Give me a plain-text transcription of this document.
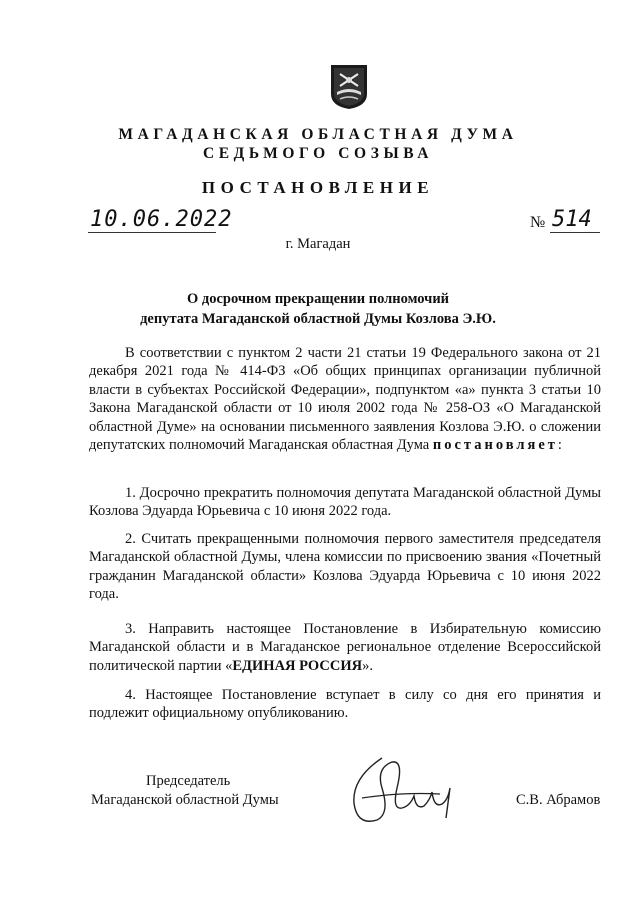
МАГАДАНСКАЯ ОБЛАСТНАЯ ДУМА
СЕДЬМОГО СОЗЫВА
ПОСТАНОВЛЕНИЕ
10.06.2022	№ 514
г. Магадан
О досрочном прекращении полномочий
депутата Магаданской областной Думы Козлова Э.Ю.

В соответствии с пунктом 2 части 21 статьи 19 Федерального закона от 21 декабря 2021 года № 414-ФЗ «Об общих принципах организации публичной власти в субъектах Российской Федерации», подпунктом «а» пункта 3 статьи 10 Закона Магаданской области от 10 июля 2002 года № 258-ОЗ «О Магаданской областной Думе» на основании письменного заявления Козлова Э.Ю. о сложении депутатских полномочий Магаданская областная Дума постановляет:

1. Досрочно прекратить полномочия депутата Магаданской областной Думы Козлова Эдуарда Юрьевича с 10 июня 2022 года.

2. Считать прекращенными полномочия первого заместителя председателя Магаданской областной Думы, члена комиссии по присвоению звания «Почетный гражданин Магаданской области» Козлова Эдуарда Юрьевича с 10 июня 2022 года.

3. Направить настоящее Постановление в Избирательную комиссию Магаданской области и в Магаданское региональное отделение Всероссийской политической партии «ЕДИНАЯ РОССИЯ».

4. Настоящее Постановление вступает в силу со дня его принятия и подлежит официальному опубликованию.

Председатель
Магаданской областной Думы	С.В. Абрамов
